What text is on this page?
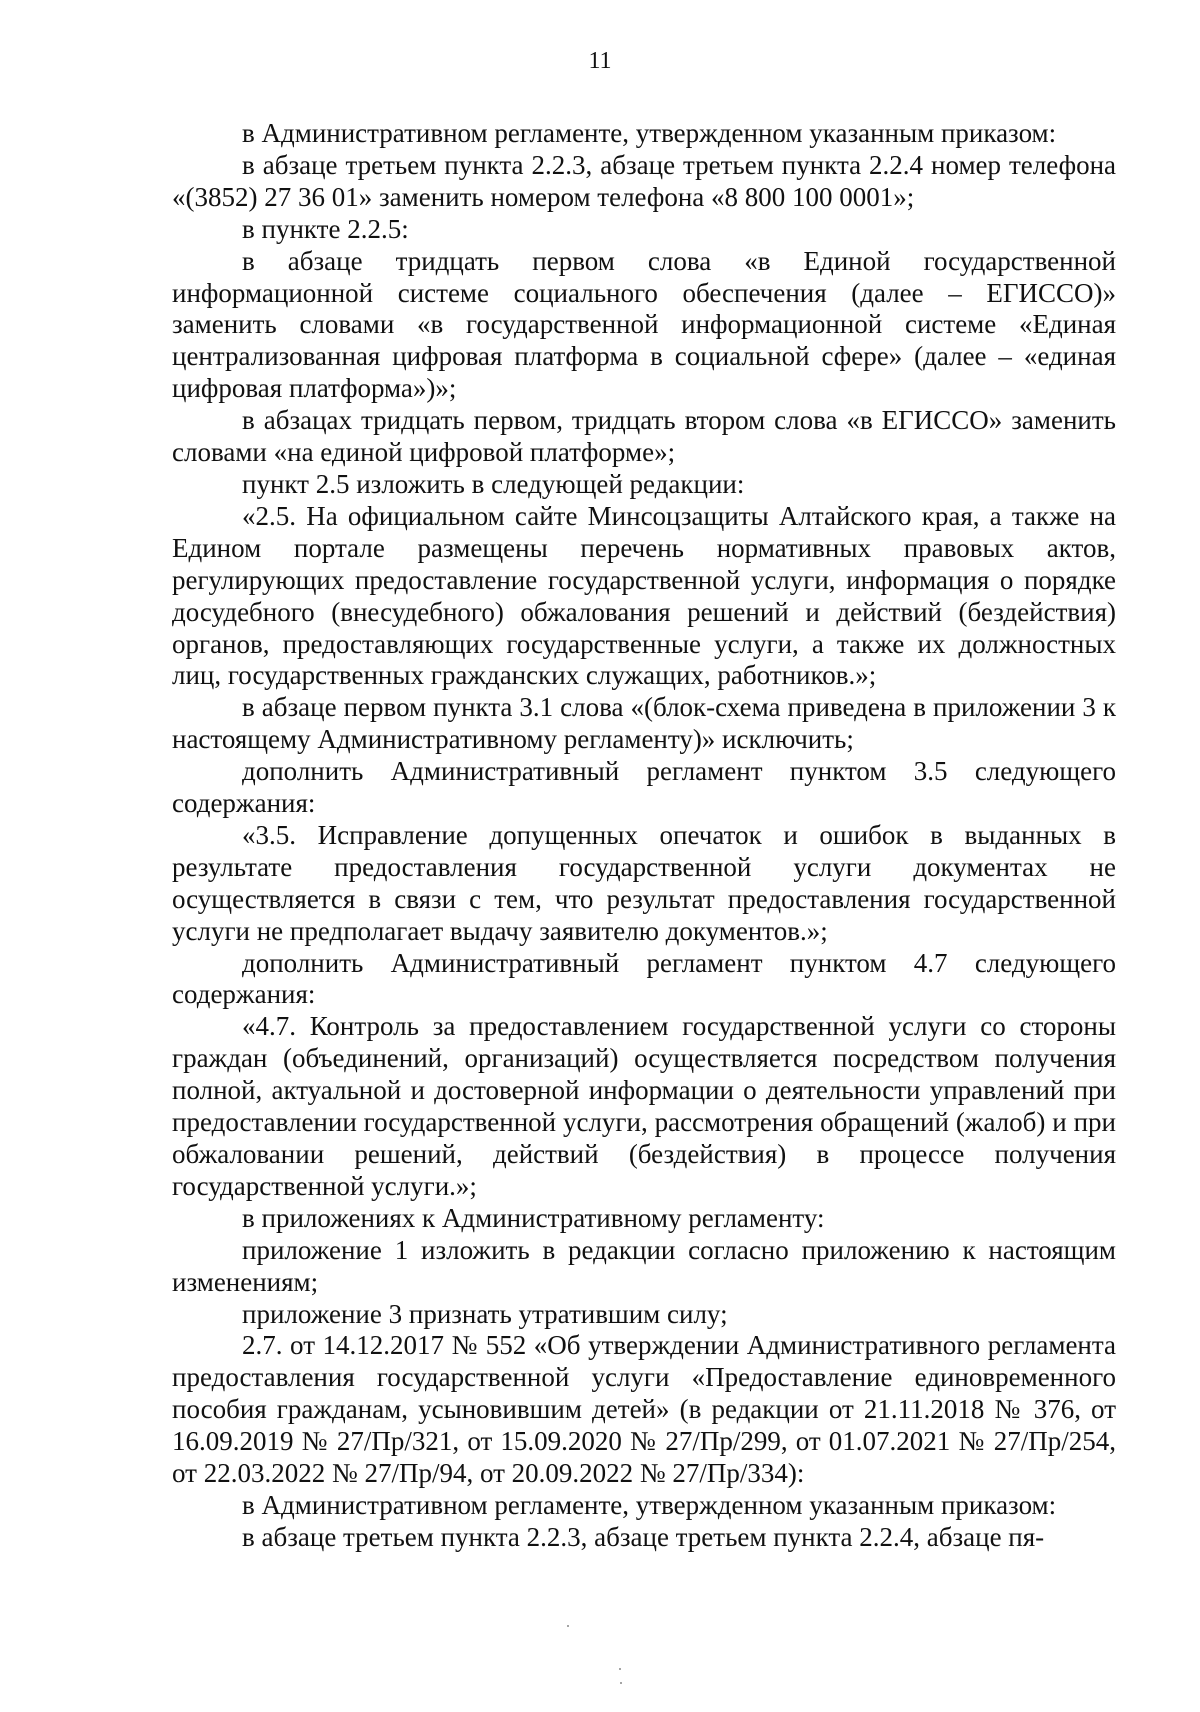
11

в Административном регламенте, утвержденном указанным приказом:

в абзаце третьем пункта 2.2.3, абзаце третьем пункта 2.2.4 номер телефона «(3852) 27 36 01» заменить номером телефона «8 800 100 0001»;

в пункте 2.2.5:

в абзаце тридцать первом слова «в Единой государственной информационной системе социального обеспечения (далее – ЕГИССО)» заменить словами «в государственной информационной системе «Единая централизованная цифровая платформа в социальной сфере» (далее – «единая цифровая платформа»)»;

в абзацах тридцать первом, тридцать втором слова «в ЕГИССО» заменить словами «на единой цифровой платформе»;

пункт 2.5 изложить в следующей редакции:

«2.5. На официальном сайте Минсоцзащиты Алтайского края, а также на Едином портале размещены перечень нормативных правовых актов, регулирующих предоставление государственной услуги, информация о порядке досудебного (внесудебного) обжалования решений и действий (бездействия) органов, предоставляющих государственные услуги, а также их должностных лиц, государственных гражданских служащих, работников.»;

в абзаце первом пункта 3.1 слова «(блок-схема приведена в приложении 3 к настоящему Административному регламенту)» исключить;

дополнить Административный регламент пунктом 3.5 следующего содержания:

«3.5. Исправление допущенных опечаток и ошибок в выданных в результате предоставления государственной услуги документах не осуществляется в связи с тем, что результат предоставления государственной услуги не предполагает выдачу заявителю документов.»;

дополнить Административный регламент пунктом 4.7 следующего содержания:

«4.7. Контроль за предоставлением государственной услуги со стороны граждан (объединений, организаций) осуществляется посредством получения полной, актуальной и достоверной информации о деятельности управлений при предоставлении государственной услуги, рассмотрения обращений (жалоб) и при обжаловании решений, действий (бездействия) в процессе получения государственной услуги.»;

в приложениях к Административному регламенту:

приложение 1 изложить в редакции согласно приложению к настоящим изменениям;

приложение 3 признать утратившим силу;

2.7. от 14.12.2017 № 552 «Об утверждении Административного регламента предоставления государственной услуги «Предоставление единовременного пособия гражданам, усыновившим детей» (в редакции от 21.11.2018 № 376, от 16.09.2019 № 27/Пр/321, от 15.09.2020 № 27/Пр/299, от 01.07.2021 № 27/Пр/254, от 22.03.2022 № 27/Пр/94, от 20.09.2022 № 27/Пр/334):

в Административном регламенте, утвержденном указанным приказом:

в абзаце третьем пункта 2.2.3, абзаце третьем пункта 2.2.4, абзаце пя-
